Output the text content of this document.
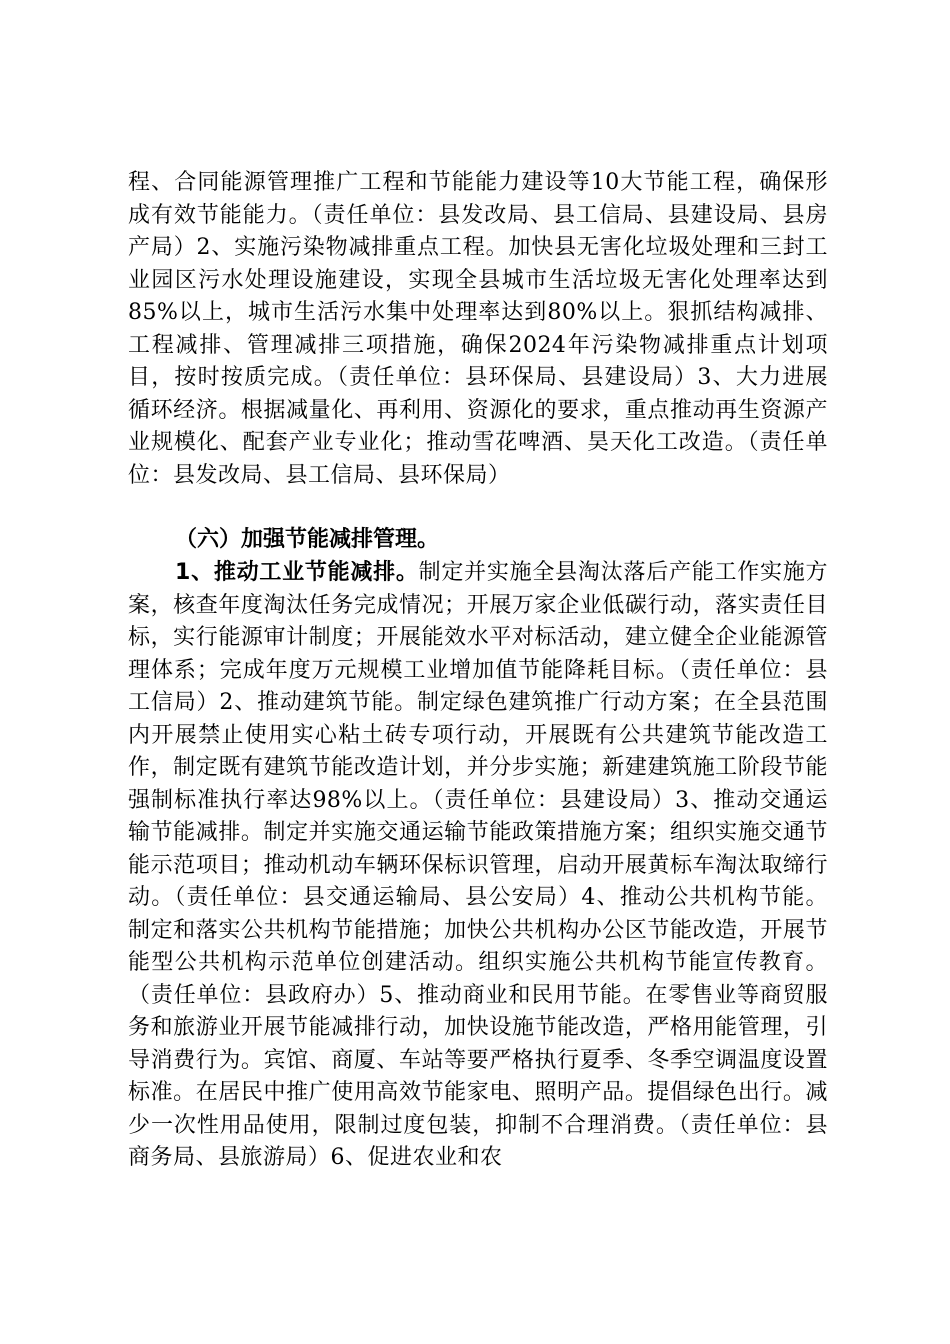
程、合同能源管理推广工程和节能能力建设等10大节能工程，确保形成有效节能能力。（责任单位：县发改局、县工信局、县建设局、县房产局）2、实施污染物减排重点工程。加快县无害化垃圾处理和三封工业园区污水处理设施建设，实现全县城市生活垃圾无害化处理率达到85%以上，城市生活污水集中处理率达到80%以上。狠抓结构减排、工程减排、管理减排三项措施，确保2024年污染物减排重点计划项目，按时按质完成。（责任单位：县环保局、县建设局）3、大力进展循环经济。根据减量化、再利用、资源化的要求，重点推动再生资源产业规模化、配套产业专业化；推动雪花啤酒、昊天化工改造。（责任单位：县发改局、县工信局、县环保局）

（六）加强节能减排管理。

1、推动工业节能减排。制定并实施全县淘汰落后产能工作实施方案，核查年度淘汰任务完成情况；开展万家企业低碳行动，落实责任目标，实行能源审计制度；开展能效水平对标活动，建立健全企业能源管理体系；完成年度万元规模工业增加值节能降耗目标。（责任单位：县工信局）2、推动建筑节能。制定绿色建筑推广行动方案；在全县范围内开展禁止使用实心粘土砖专项行动，开展既有公共建筑节能改造工作，制定既有建筑节能改造计划，并分步实施；新建建筑施工阶段节能强制标准执行率达98%以上。（责任单位：县建设局）3、推动交通运输节能减排。制定并实施交通运输节能政策措施方案；组织实施交通节能示范项目；推动机动车辆环保标识管理，启动开展黄标车淘汰取缔行动。（责任单位：县交通运输局、县公安局）4、推动公共机构节能。制定和落实公共机构节能措施；加快公共机构办公区节能改造，开展节能型公共机构示范单位创建活动。组织实施公共机构节能宣传教育。（责任单位：县政府办）5、推动商业和民用节能。在零售业等商贸服务和旅游业开展节能减排行动，加快设施节能改造，严格用能管理，引导消费行为。宾馆、商厦、车站等要严格执行夏季、冬季空调温度设置标准。在居民中推广使用高效节能家电、照明产品。提倡绿色出行。减少一次性用品使用，限制过度包装，抑制不合理消费。（责任单位：县商务局、县旅游局）6、促进农业和农
